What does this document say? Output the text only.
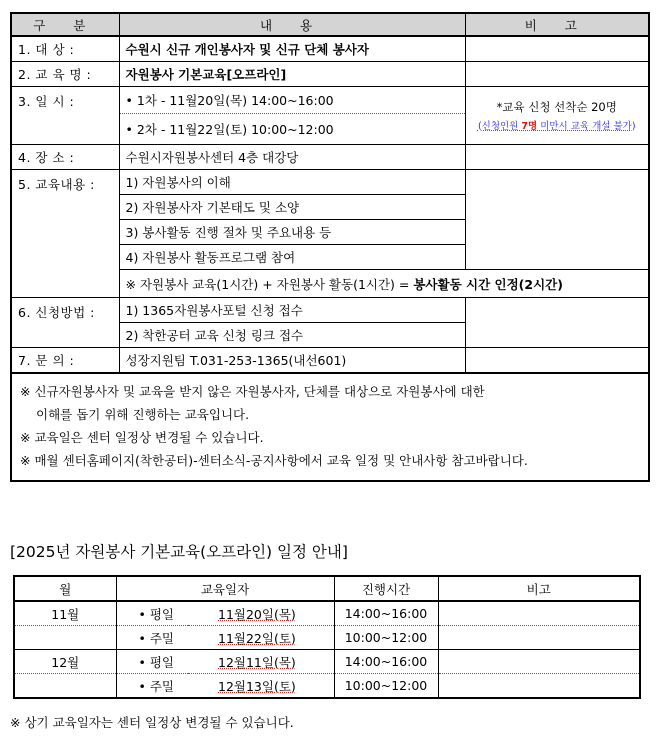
구 분	내 용	비 고
1. 대 상 :	수원시 신규 개인봉사자 및 신규 단체 봉사자	
2. 교 육 명 :	자원봉사 기본교육[오프라인]	

3. 일 시 :	• 1차 - 11월20일(목) 14:00~16:00	*교육 신청 선착순 20명
(신청인원 7명 미만시 교육 개설 불가)

	• 2차 - 11월22일(토) 10:00~12:00	
4. 장 소 :	수원시자원봉사센터 4층 대강당	

5. 교육내용 :	1) 자원봉사의 이해	
	2) 자원봉사자 기본태도 및 소양	
	3) 봉사활동 진행 절차 및 주요내용 등	
	4) 자원봉사 활동프로그램 참여	
	※ 자원봉사 교육(1시간) + 자원봉사 활동(1시간) = 봉사활동 시간 인정(2시간)	

6. 신청방법 :	1) 1365자원봉사포털 신청 접수	
	2) 착한공터 교육 신청 링크 접수	
7. 문 의 :	성장지원팀 T.031-253-1365(내선601)	

※ 신규자원봉사자 및 교육을 받지 않은 자원봉사자, 단체를 대상으로 자원봉사에 대한
이해를 돕기 위해 진행하는 교육입니다.
※ 교육일은 센터 일정상 변경될 수 있습니다.
※ 매월 센터홈페이지(착한공터)-센터소식-공지사항에서 교육 일정 및 안내사항 참고바랍니다.		
[2025년 자원봉사 기본교육(오프라인) 일정 안내]
월	교육일자		진행시간	비고
11월	• 평일	11월20일(목)	14:00~16:00	
	• 주밀	11월22일(토)	10:00~12:00	
12월	• 평일	12월11일(목)	14:00~16:00	
	• 주밀	12월13일(토)	10:00~12:00	
※ 상기 교육일자는 센터 일정상 변경될 수 있습니다.
